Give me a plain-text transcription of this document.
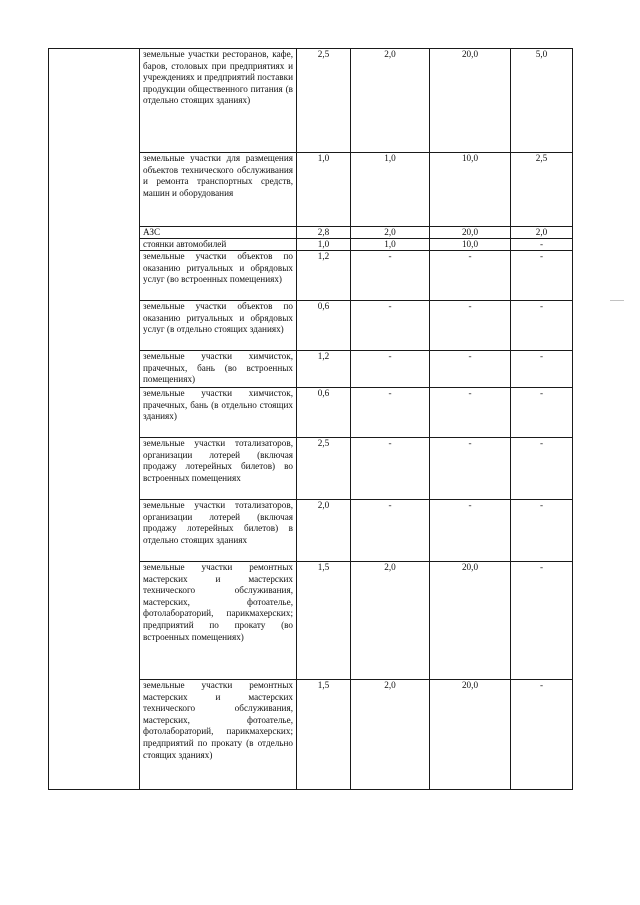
	земельные участки ресторанов, кафе, баров, столовых при предприятиях и учреждениях и предприятий поставки продукции общественного питания (в отдельно стоящих зданиях)	2,5	2,0	20,0	5,0
	земельные участки для размещения объектов технического обслуживания и ремонта транспортных средств, машин и оборудования	1,0	1,0	10,0	2,5
	АЗС	2,8	2,0	20,0	2,0
	стоянки автомобилей	1,0	1,0	10,0	-
	земельные участки объектов по оказанию ритуальных и обрядовых услуг (во встроенных помещениях)	1,2	-	-	-
	земельные участки объектов по оказанию ритуальных и обрядовых услуг (в отдельно стоящих зданиях)	0,6	-	-	-
	земельные участки химчисток, прачечных, бань (во встроенных помещениях)	1,2	-	-	-
	земельные участки химчисток, прачечных, бань (в отдельно стоящих зданиях)	0,6	-	-	-
	земельные участки тотализаторов, организации лотерей (включая продажу лотерейных билетов) во встроенных помещениях	2,5	-	-	-
	земельные участки тотализаторов, организации лотерей (включая продажу лотерейных билетов) в отдельно стоящих зданиях	2,0	-	-	-
	земельные участки ремонтных мастерских и мастерских технического обслуживания, мастерских, фотоателье, фотолабораторий, парикмахерских; предприятий по прокату (во встроенных помещениях)	1,5	2,0	20,0	-
	земельные участки ремонтных мастерских и мастерских технического обслуживания, мастерских, фотоателье, фотолабораторий, парикмахерских; предприятий по прокату (в отдельно стоящих зданиях)	1,5	2,0	20,0	-
